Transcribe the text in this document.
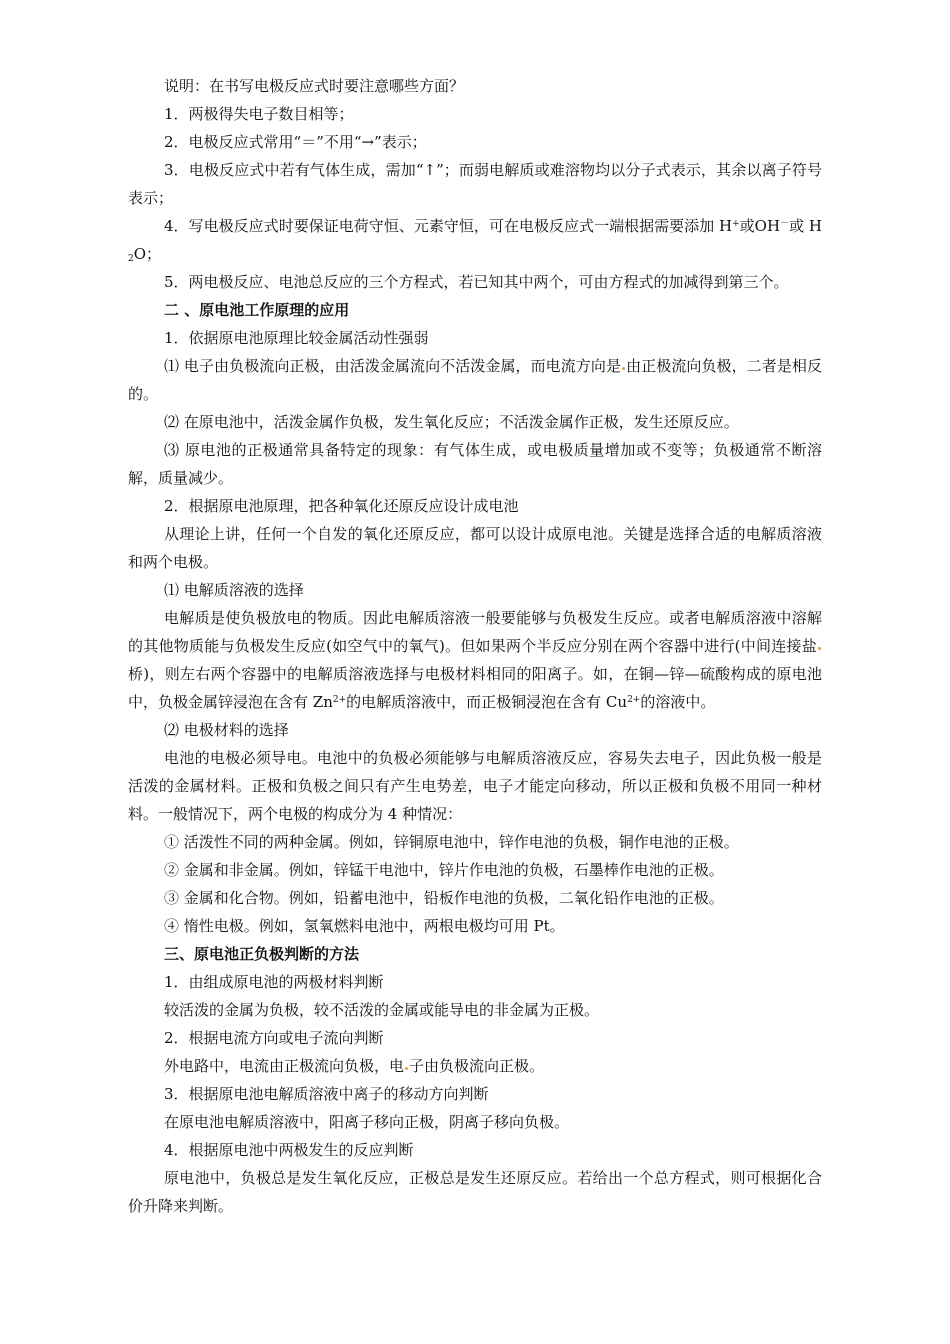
说明：在书写电极反应式时要注意哪些方面？

1．两极得失电子数目相等；

2．电极反应式常用“＝”不用“→”表示；

3．电极反应式中若有气体生成，需加“↑”；而弱电解质或难溶物均以分子式表示，其余以离子符号表示；

4．写电极反应式时要保证电荷守恒、元素守恒，可在电极反应式一端根据需要添加 H+或OH－或 $H_2O$；

5．两电极反应、电池总反应的三个方程式，若已知其中两个，可由方程式的加减得到第三个。

二 、原电池工作原理的应用

1．依据原电池原理比较金属活动性强弱

⑴ 电子由负极流向正极，由活泼金属流向不活泼金属，而电流方向是 由正极流向负极，二者是相反的。

⑵ 在原电池中，活泼金属作负极，发生氧化反应；不活泼金属作正极，发生还原反应。

⑶ 原电池的正极通常具备特定的现象：有气体生成，或电极质量增加或不变等；负极通常不断溶解，质量减少。

2．根据原电池原理，把各种氧化还原反应设计成电池

从理论上讲，任何一个自发的氧化还原反应，都可以设计成原电池。关键是选择合适的电解质溶液和两个电极。

⑴ 电解质溶液的选择

电解质是使负极放电的物质。因此电解质溶液一般要能够与负极发生反应。或者电解质溶液中溶解的其他物质能与负极发生反应(如空气中的氧气)。但如果两个半反应分别在两个容器中进行(中间连接盐桥)，则左右两个容器中的电解质溶液选择与电极材料相同的阳离子。如，在铜—锌—硫酸构成的原电池中，负极金属锌浸泡在含有 $Zn^{2+}$的电解质溶液中，而正极铜浸泡在含有 $Cu^{2+}$的溶液中。

⑵ 电极材料的选择

电池的电极必须导电。电池中的负极必须能够与电解质溶液反应，容易失去电子，因此负极一般是活泼的金属材料。正极和负极之间只有产生电势差，电子才能定向移动，所以正极和负极不用同一种材料。一般情况下，两个电极的构成分为 4 种情况：

① 活泼性不同的两种金属。例如，锌铜原电池中，锌作电池的负极，铜作电池的正极。

② 金属和非金属。例如，锌锰干电池中，锌片作电池的负极，石墨棒作电池的正极。

③ 金属和化合物。例如，铅蓄电池中，铅板作电池的负极，二氧化铅作电池的正极。

④ 惰性电极。例如，氢氧燃料电池中，两根电极均可用 Pt。

三、原电池正负极判断的方法

1．由组成原电池的两极材料判断

较活泼的金属为负极，较不活泼的金属或能导电的非金属为正极。

2．根据电流方向或电子流向判断

外电路中，电流由正极流向负极，电 子由负极流向正极。

3．根据原电池电解质溶液中离子的移动方向判断

在原电池电解质溶液中，阳离子移向正极，阴离子移向负极。

4．根据原电池中两极发生的反应判断

原电池中，负极总是发生氧化反应，正极总是发生还原反应。若给出一个总方程式，则可根据化合价升降来判断。
